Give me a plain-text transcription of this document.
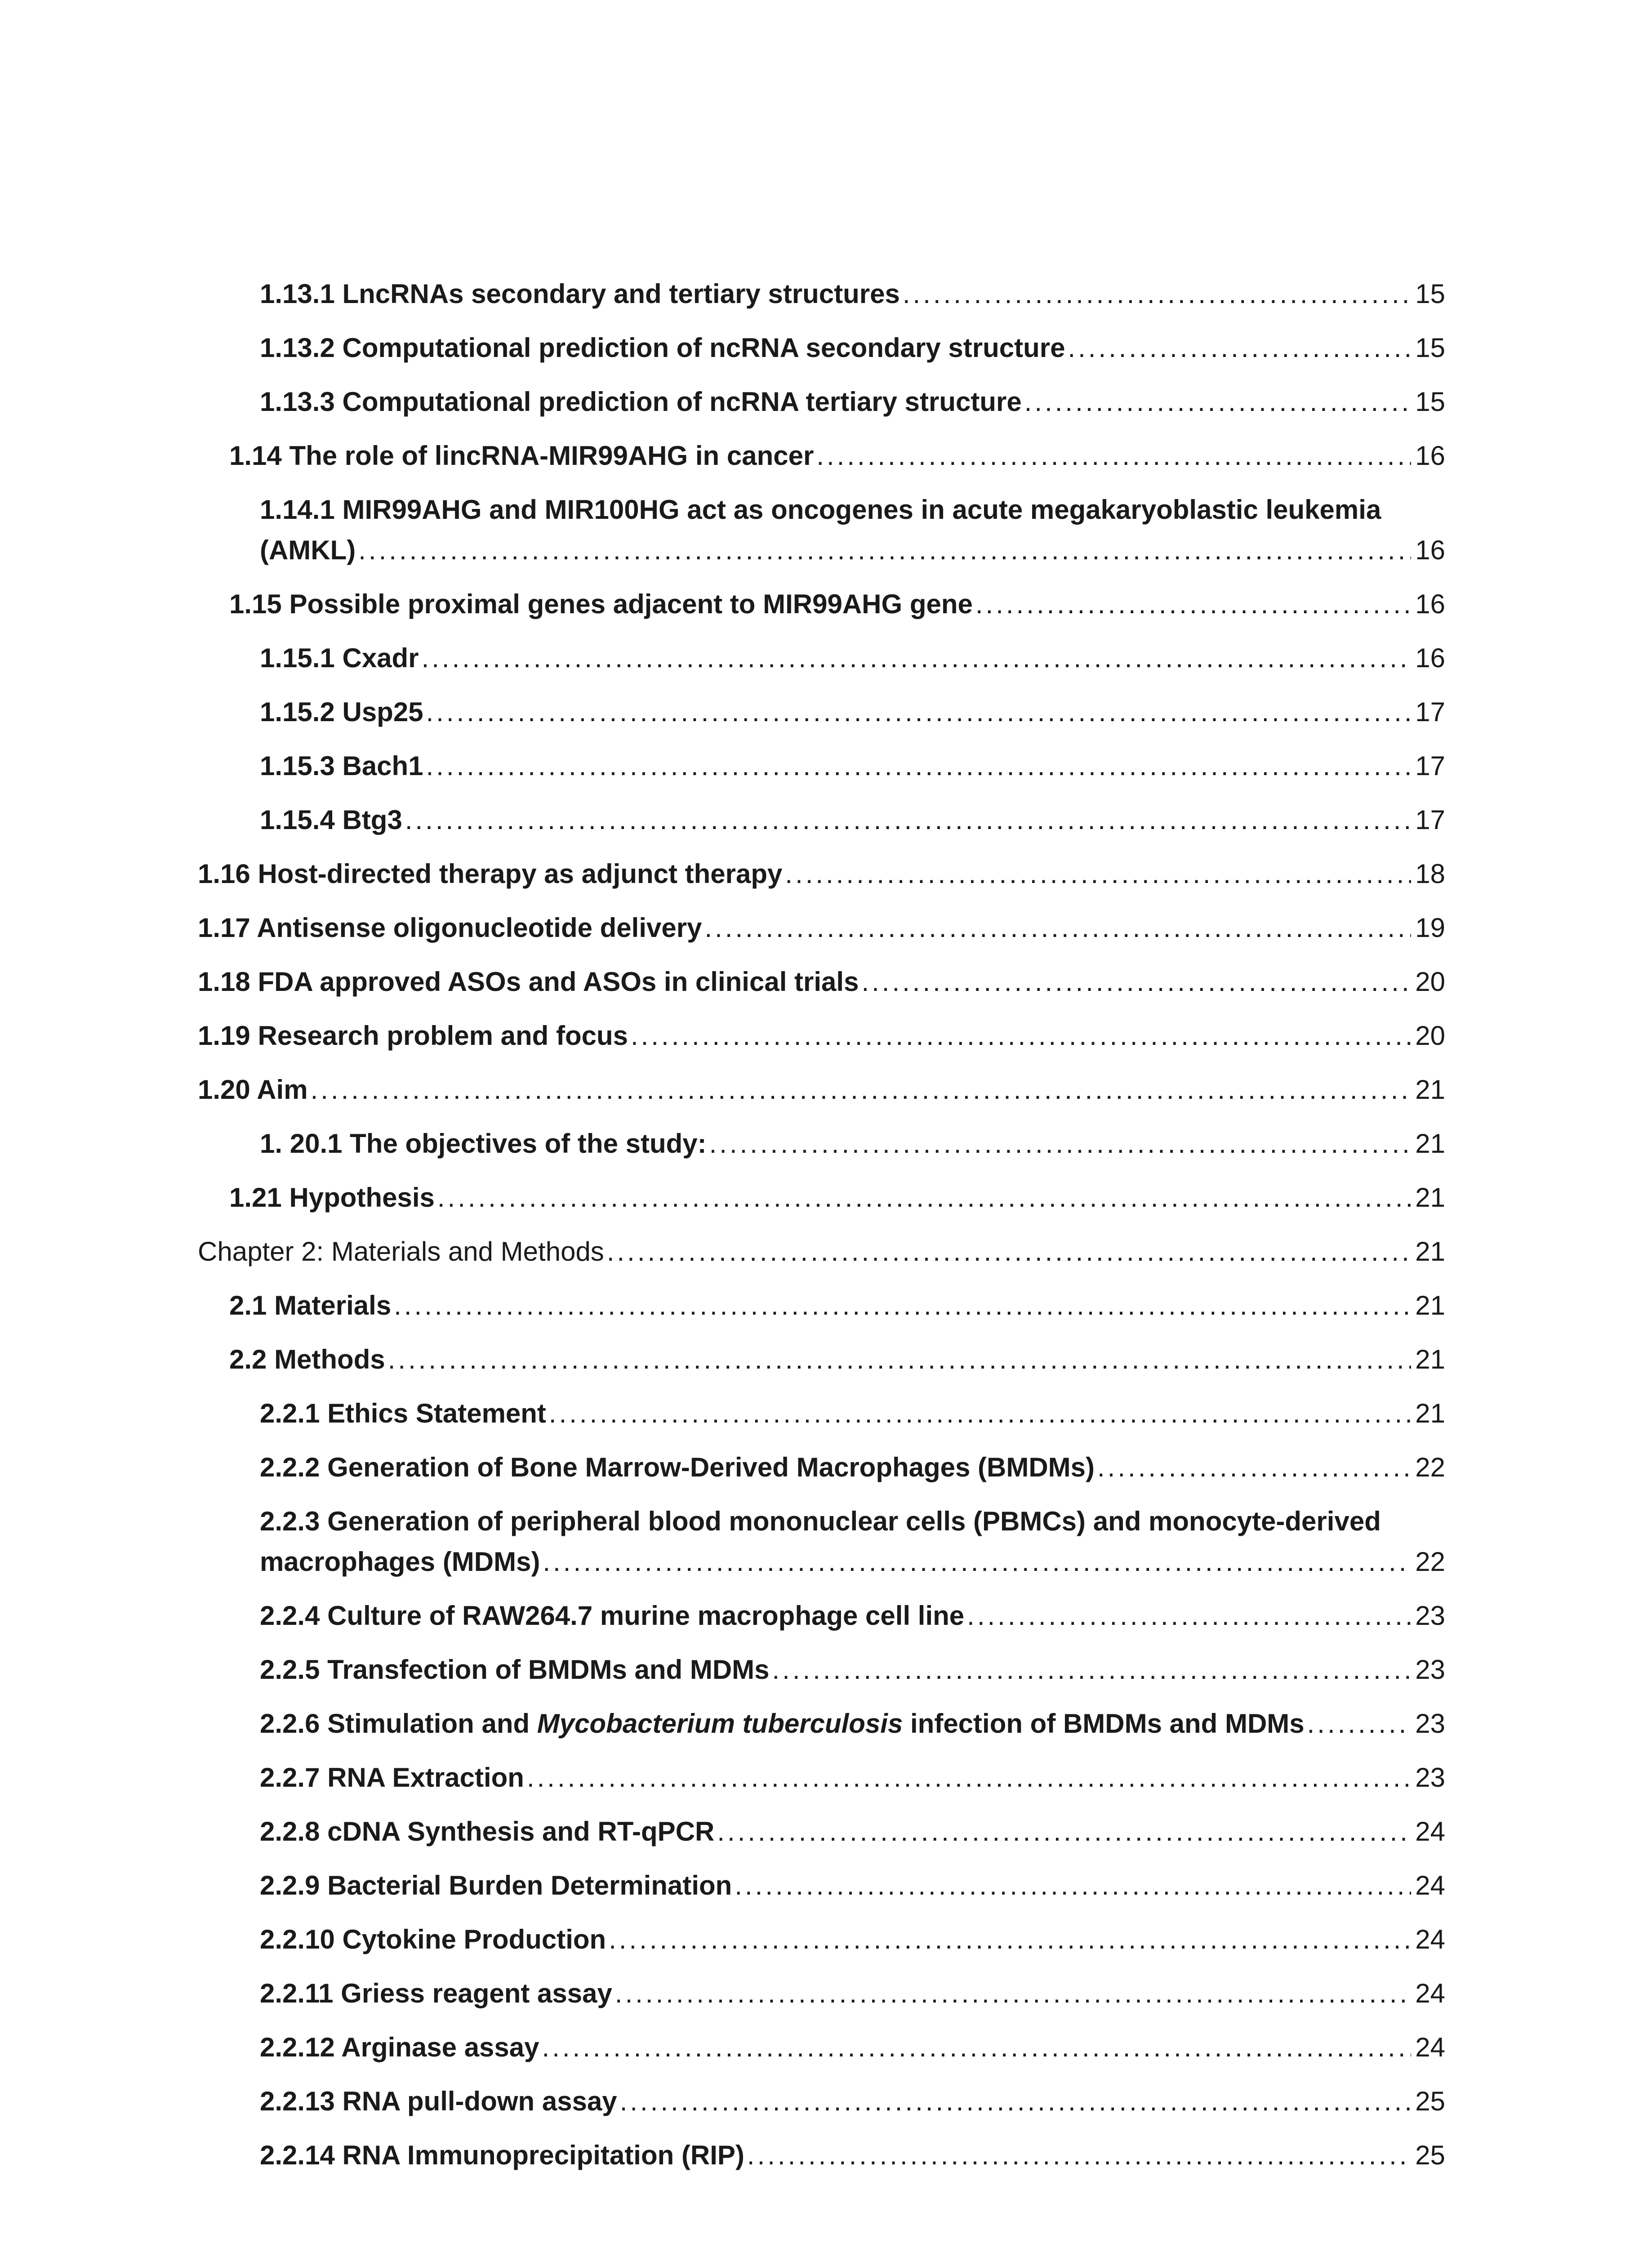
1.13.1 LncRNAs secondary and tertiary structures .....	15
1.13.2 Computational prediction of ncRNA secondary structure .....	15
1.13.3 Computational prediction of ncRNA tertiary structure .....	15
1.14 The role of lincRNA-MIR99AHG in cancer .....	16
1.14.1 MIR99AHG and MIR100HG act as oncogenes in acute megakaryoblastic leukemia
(AMKL) .....	16
1.15 Possible proximal genes adjacent to MIR99AHG gene .....	16
1.15.1 Cxadr .....	16
1.15.2 Usp25 .....	17
1.15.3 Bach1 .....	17
1.15.4 Btg3 .....	17
1.16 Host-directed therapy as adjunct therapy .....	18
1.17 Antisense oligonucleotide delivery .....	19
1.18 FDA approved ASOs and ASOs in clinical trials .....	20
1.19 Research problem and focus .....	20
1.20 Aim .....	21
1. 20.1 The objectives of the study: .....	21
1.21 Hypothesis .....	21
Chapter 2: Materials and Methods .....	21
2.1 Materials .....	21
2.2 Methods .....	21
2.2.1 Ethics Statement .....	21
2.2.2 Generation of Bone Marrow-Derived Macrophages (BMDMs) .....	22
2.2.3 Generation of peripheral blood mononuclear cells (PBMCs) and monocyte-derived
macrophages (MDMs) .....	22
2.2.4 Culture of RAW264.7 murine macrophage cell line .....	23
2.2.5 Transfection of BMDMs and MDMs .....	23
2.2.6 Stimulation and Mycobacterium tuberculosis infection of BMDMs and MDMs .....	23
2.2.7 RNA Extraction .....	23
2.2.8 cDNA Synthesis and RT-qPCR .....	24
2.2.9 Bacterial Burden Determination .....	24
2.2.10 Cytokine Production .....	24
2.2.11 Griess reagent assay .....	24
2.2.12 Arginase assay .....	24
2.2.13 RNA pull-down assay .....	25
2.2.14 RNA Immunoprecipitation (RIP) .....	25
